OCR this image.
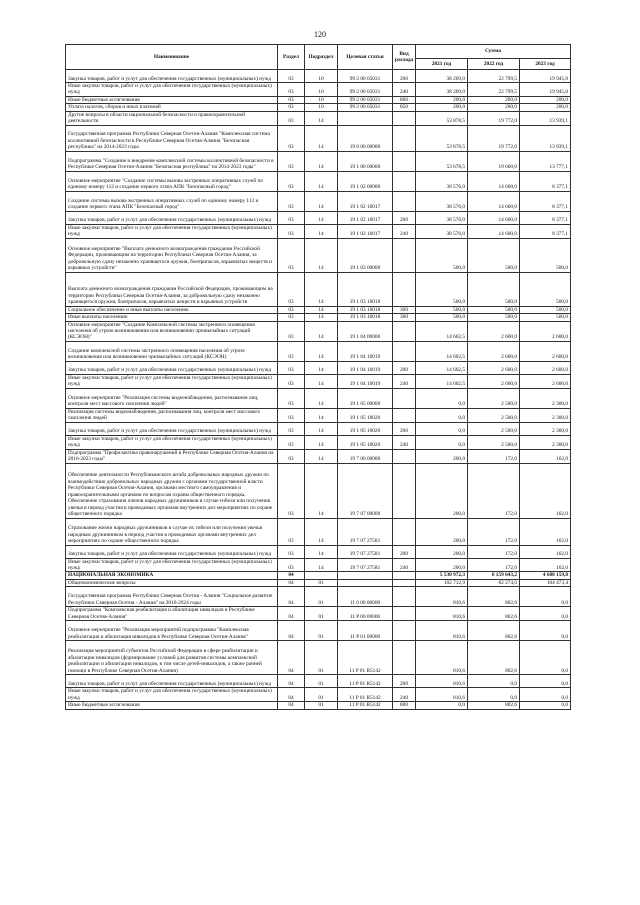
120
Наименование	Раздел	Подраздел	Целевая статья	Вид расхода	Сумма		
					2021 год	2022 год	2023 год
Закупка товаров, работ и услуг для обеспечения государственных (муниципальных) нужд	03	10	99 2 00 05031	200	38 269,0	22 799,5	19 945,0
Иные закупки товаров, работ и услуг для обеспечения государственных (муниципальных) нужд	03	10	99 2 00 05031	240	38 269,0	22 799,5	19 945,0
Иные бюджетные ассигнования	03	10	99 2 00 05031	800	200,0	200,0	200,0
Уплата налогов, сборов и иных платежей	03	10	99 2 00 05031	850	200,0	200,0	200,0
Другие вопросы в области национальной безопасности и правоохранительной деятельности	03	14			53 878,5	19 772,0	13 939,1
Государственная программа Республики Северная Осетия-Алания "Комплексная система коллективной безопасности в Республике Северная Осетия-Алания "Безопасная республика" на 2014-2023 годы	03	14	19 0 00 00000		53 878,5	19 772,0	13 939,1
Подпрограмма "Создание и внедрение комплексной системы коллективной безопасности в Республике Северная Осетия-Алания "Безопасная республика" на 2014-2023 годы"	03	14	19 1 00 00000		53 678,5	19 600,0	13 777,1
Основное мероприятие "Создание системы вызова экстренных оперативных служб по единому номеру 112 и создание первого этапа АПК "Безопасный город"	03	14	19 1 02 00000		38 576,0	14 600,0	8 377,1
Создание системы вызова экстренных оперативных служб по единому номеру 112 и создание первого этапа АПК "Безопасный город"	03	14	19 1 02 10017		38 576,0	14 600,0	8 377,1
Закупка товаров, работ и услуг для обеспечения государственных (муниципальных) нужд	03	14	19 1 02 10017	200	38 576,0	14 600,0	8 377,1
Иные закупки товаров, работ и услуг для обеспечения государственных (муниципальных) нужд	03	14	19 1 02 10017	240	38 576,0	14 600,0	8 377,1
Основное мероприятие "Выплата денежного вознаграждения гражданам Российской Федерации, проживающим на территории Республики Северная Осетия-Алания, за добровольную сдачу незаконно хранящегося оружия, боеприпасов, взрывчатых веществ и взрывных устройств"	03	14	19 1 03 00000		500,0	500,0	500,0
Выплата денежного вознаграждения гражданам Российской Федерации, проживающим на территории Республики Северная Осетия-Алания, за добровольную сдачу незаконно хранящегося оружия, боеприпасов, взрывчатых веществ и взрывных устройств	03	14	19 1 03 10018		500,0	500,0	500,0
Социальное обеспечение и иные выплаты населению	03	14	19 1 03 10018	300	500,0	500,0	500,0
Иные выплаты населению	03	14	19 1 03 10018	360	500,0	500,0	500,0
Основное мероприятие "Создание Комплексной системы экстренного оповещения населения об угрозе возникновения или возникновении чрезвычайных ситуаций (КСЭОН)"	03	14	19 1 04 00000		14 602,5	2 600,0	2 600,0
Создание комплексной системы экстренного оповещения населения об угрозе возникновения или возникновении чрезвычайных ситуаций (КСЭОН)	03	14	19 1 04 10019		14 602,5	2 600,0	2 600,0
Закупка товаров, работ и услуг для обеспечения государственных (муниципальных) нужд	03	14	19 1 04 10019	200	14 602,5	2 600,0	2 600,0
Иные закупки товаров, работ и услуг для обеспечения государственных (муниципальных) нужд	03	14	19 1 04 10019	240	14 602,5	2 600,0	2 600,0
Основное мероприятие "Реализация системы видеонаблюдения, распознавания лиц, контроля мест массового скопления людей"	03	14	19 1 05 00000		0,0	2 500,0	2 300,0
Реализация системы видеонаблюдения, распознавания лиц, контроля мест массового скопления людей	03	14	19 1 05 10020		0,0	2 500,0	2 300,0
Закупка товаров, работ и услуг для обеспечения государственных (муниципальных) нужд	03	14	19 1 05 10020	200	0,0	2 500,0	2 300,0
Иные закупки товаров, работ и услуг для обеспечения государственных (муниципальных) нужд	03	14	19 1 05 10020	240	0,0	2 500,0	2 300,0
Подпрограмма "Профилактика правонарушений в Республике Северная Осетия-Алания на 2016-2023 годы"	03	14	19 7 00 00000		200,0	172,0	162,0
Обеспечение деятельности Республиканского штаба добровольных народных дружин по взаимодействию добровольных народных дружин с органами государственной власти Республики Северная Осетия-Алания, органами местного самоуправления и правоохранительными органами по вопросам охраны общественного порядка. Обеспечение страхования членов народных дружинников в случае гибели или получения увечья в период участия в проводимых органами внутренних дел мероприятиях по охране общественного порядка	03	14	19 7 07 00000		200,0	172,0	162,0
Страхование жизни народных дружинников в случае их гибели или получения увечья народным дружинником в период участия в проводимых органами внутренних дел мероприятиях по охране общественного порядка	03	14	19 7 07 27581		200,0	172,0	162,0
Закупка товаров, работ и услуг для обеспечения государственных (муниципальных) нужд	03	14	19 7 07 27581	200	200,0	172,0	162,0
Иные закупки товаров, работ и услуг для обеспечения государственных (муниципальных) нужд	03	14	19 7 07 27581	240	200,0	172,0	162,0
НАЦИОНАЛЬНАЯ ЭКОНОМИКА	04				5 530 972,3	6 159 643,2	4 680 159,8
Общеэкономические вопросы	04	01			102 712,9	82 274,0	104 473,4
Государственная программа Республики Северная Осетия - Алания "Социальное развитие Республики Северная Осетия - Алания" на 2016-2024 годы	04	01	11 0 00 00000		810,6	802,6	0,0
Подпрограмма "Комплексная реабилитация и абилитация инвалидов в Республике Северная Осетия-Алания"	04	01	11 P 00 00000		810,6	802,6	0,0
Основное мероприятие "Реализация мероприятий подпрограммы "Комплексная реабилитация и абилитация инвалидов в Республике Северная Осетия-Алания"	04	01	11 P 01 00000		810,6	802,6	0,0
Реализация мероприятий субъектов Российской Федерации в сфере реабилитации и абилитации инвалидов (формирование условий для развития системы комплексной реабилитации и абилитации инвалидов, в том числе детей-инвалидов, а также ранней помощи в Республике Северная Осетия-Алания)	04	01	11 P 01 R5142		810,6	802,6	0,0
Закупка товаров, работ и услуг для обеспечения государственных (муниципальных) нужд	04	01	11 P 01 R5142	200	810,6	0,0	0,0
Иные закупки товаров, работ и услуг для обеспечения государственных (муниципальных) нужд	04	01	11 P 01 R5142	240	810,6	0,0	0,0
Иные бюджетные ассигнования	04	01	11 P 01 R5142	800	0,0	802,6	0,0
